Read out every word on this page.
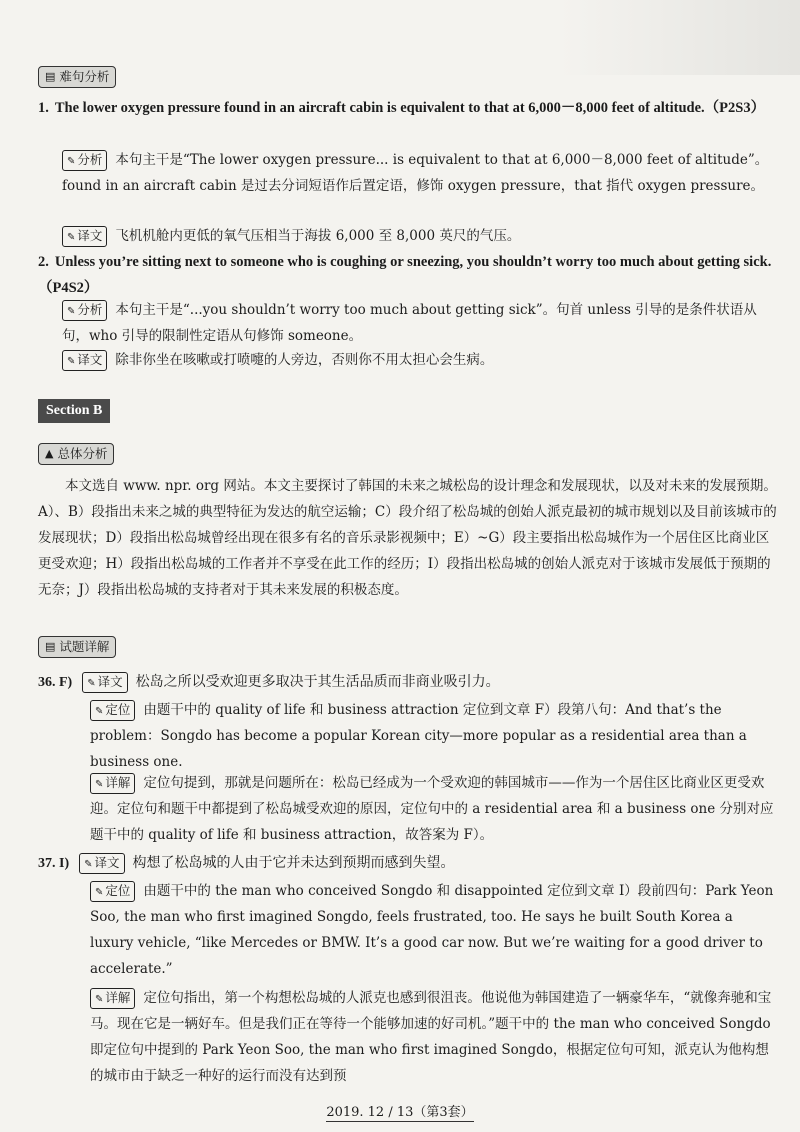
▤ 难句分析
1. The lower oxygen pressure found in an aircraft cabin is equivalent to that at 6,000－8,000 feet of altitude.（P2S3）
✎ 分析 本句主干是“The lower oxygen pressure... is equivalent to that at 6,000－8,000 feet of altitude”。found in an aircraft cabin 是过去分词短语作后置定语，修饰 oxygen pressure，that 指代 oxygen pressure。
✎ 译文 飞机机舱内更低的氧气压相当于海拔 6,000 至 8,000 英尺的气压。
2. Unless you’re sitting next to someone who is coughing or sneezing, you shouldn’t worry too much about getting sick.（P4S2）
✎ 分析 本句主干是“...you shouldn’t worry too much about getting sick”。句首 unless 引导的是条件状语从句，who 引导的限制性定语从句修饰 someone。
✎ 译文 除非你坐在咳嗽或打喷嚏的人旁边，否则你不用太担心会生病。
Section B
▲ 总体分析
本文选自 www. npr. org 网站。本文主要探讨了韩国的未来之城松岛的设计理念和发展现状，以及对未来的发展预期。A）、B）段指出未来之城的典型特征为发达的航空运输；C）段介绍了松岛城的创始人派克最初的城市规划以及目前该城市的发展现状；D）段指出松岛城曾经出现在很多有名的音乐录影视频中；E）~G）段主要指出松岛城作为一个居住区比商业区更受欢迎；H）段指出松岛城的工作者并不享受在此工作的经历；I）段指出松岛城的创始人派克对于该城市发展低于预期的无奈；J）段指出松岛城的支持者对于其未来发展的积极态度。
▤ 试题详解
36. F) ✎ 译文 松岛之所以受欢迎更多取决于其生活品质而非商业吸引力。
✎ 定位 由题干中的 quality of life 和 business attraction 定位到文章 F）段第八句：And that’s the problem：Songdo has become a popular Korean city—more popular as a residential area than a business one.
✎ 详解 定位句提到，那就是问题所在：松岛已经成为一个受欢迎的韩国城市——作为一个居住区比商业区更受欢迎。定位句和题干中都提到了松岛城受欢迎的原因，定位句中的 a residential area 和 a business one 分别对应题干中的 quality of life 和 business attraction，故答案为 F）。
37. I) ✎ 译文 构想了松岛城的人由于它并未达到预期而感到失望。
✎ 定位 由题干中的 the man who conceived Songdo 和 disappointed 定位到文章 I）段前四句：Park Yeon Soo, the man who first imagined Songdo, feels frustrated, too. He says he built South Korea a luxury vehicle, “like Mercedes or BMW. It’s a good car now. But we’re waiting for a good driver to accelerate.”
✎ 详解 定位句指出，第一个构想松岛城的人派克也感到很沮丧。他说他为韩国建造了一辆豪华车，“就像奔驰和宝马。现在它是一辆好车。但是我们正在等待一个能够加速的好司机。”题干中的 the man who conceived Songdo 即定位句中提到的 Park Yeon Soo, the man who first imagined Songdo，根据定位句可知，派克认为他构想的城市由于缺乏一种好的运行而没有达到预
2019. 12 / 13（第3套）
